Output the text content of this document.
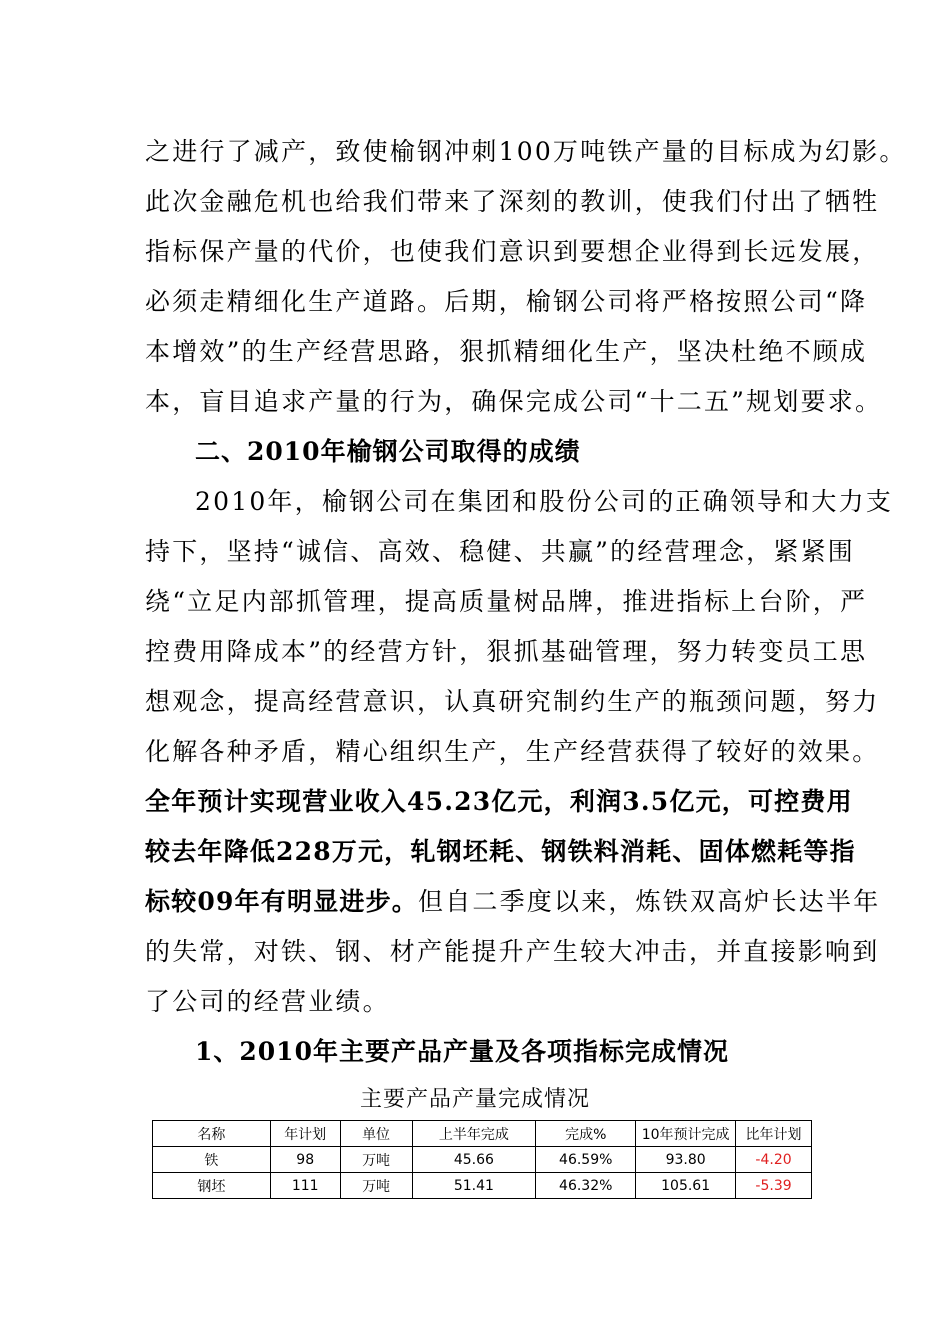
之进行了减产，致使榆钢冲刺100万吨铁产量的目标成为幻影。
此次金融危机也给我们带来了深刻的教训，使我们付出了牺牲
指标保产量的代价，也使我们意识到要想企业得到长远发展，
必须走精细化生产道路。后期，榆钢公司将严格按照公司“降
本增效”的生产经营思路，狠抓精细化生产，坚决杜绝不顾成
本，盲目追求产量的行为，确保完成公司“十二五”规划要求。
二、2010年榆钢公司取得的成绩
2010年，榆钢公司在集团和股份公司的正确领导和大力支
持下，坚持“诚信、高效、稳健、共赢”的经营理念，紧紧围
绕“立足内部抓管理，提高质量树品牌，推进指标上台阶，严
控费用降成本”的经营方针，狠抓基础管理，努力转变员工思
想观念，提高经营意识，认真研究制约生产的瓶颈问题，努力
化解各种矛盾，精心组织生产，生产经营获得了较好的效果。
全年预计实现营业收入45.23亿元，利润3.5亿元，可控费用
较去年降低228万元，轧钢坯耗、钢铁料消耗、固体燃耗等指
标较09年有明显进步。但自二季度以来，炼铁双高炉长达半年
的失常，对铁、钢、材产能提升产生较大冲击，并直接影响到
了公司的经营业绩。
1、2010年主要产品产量及各项指标完成情况
主要产品产量完成情况
名称	年计划	单位	上半年完成	完成%	10年预计完成	比年计划
铁	98	万吨	45.66	46.59%	93.80	-4.20
钢坯	111	万吨	51.41	46.32%	105.61	-5.39
